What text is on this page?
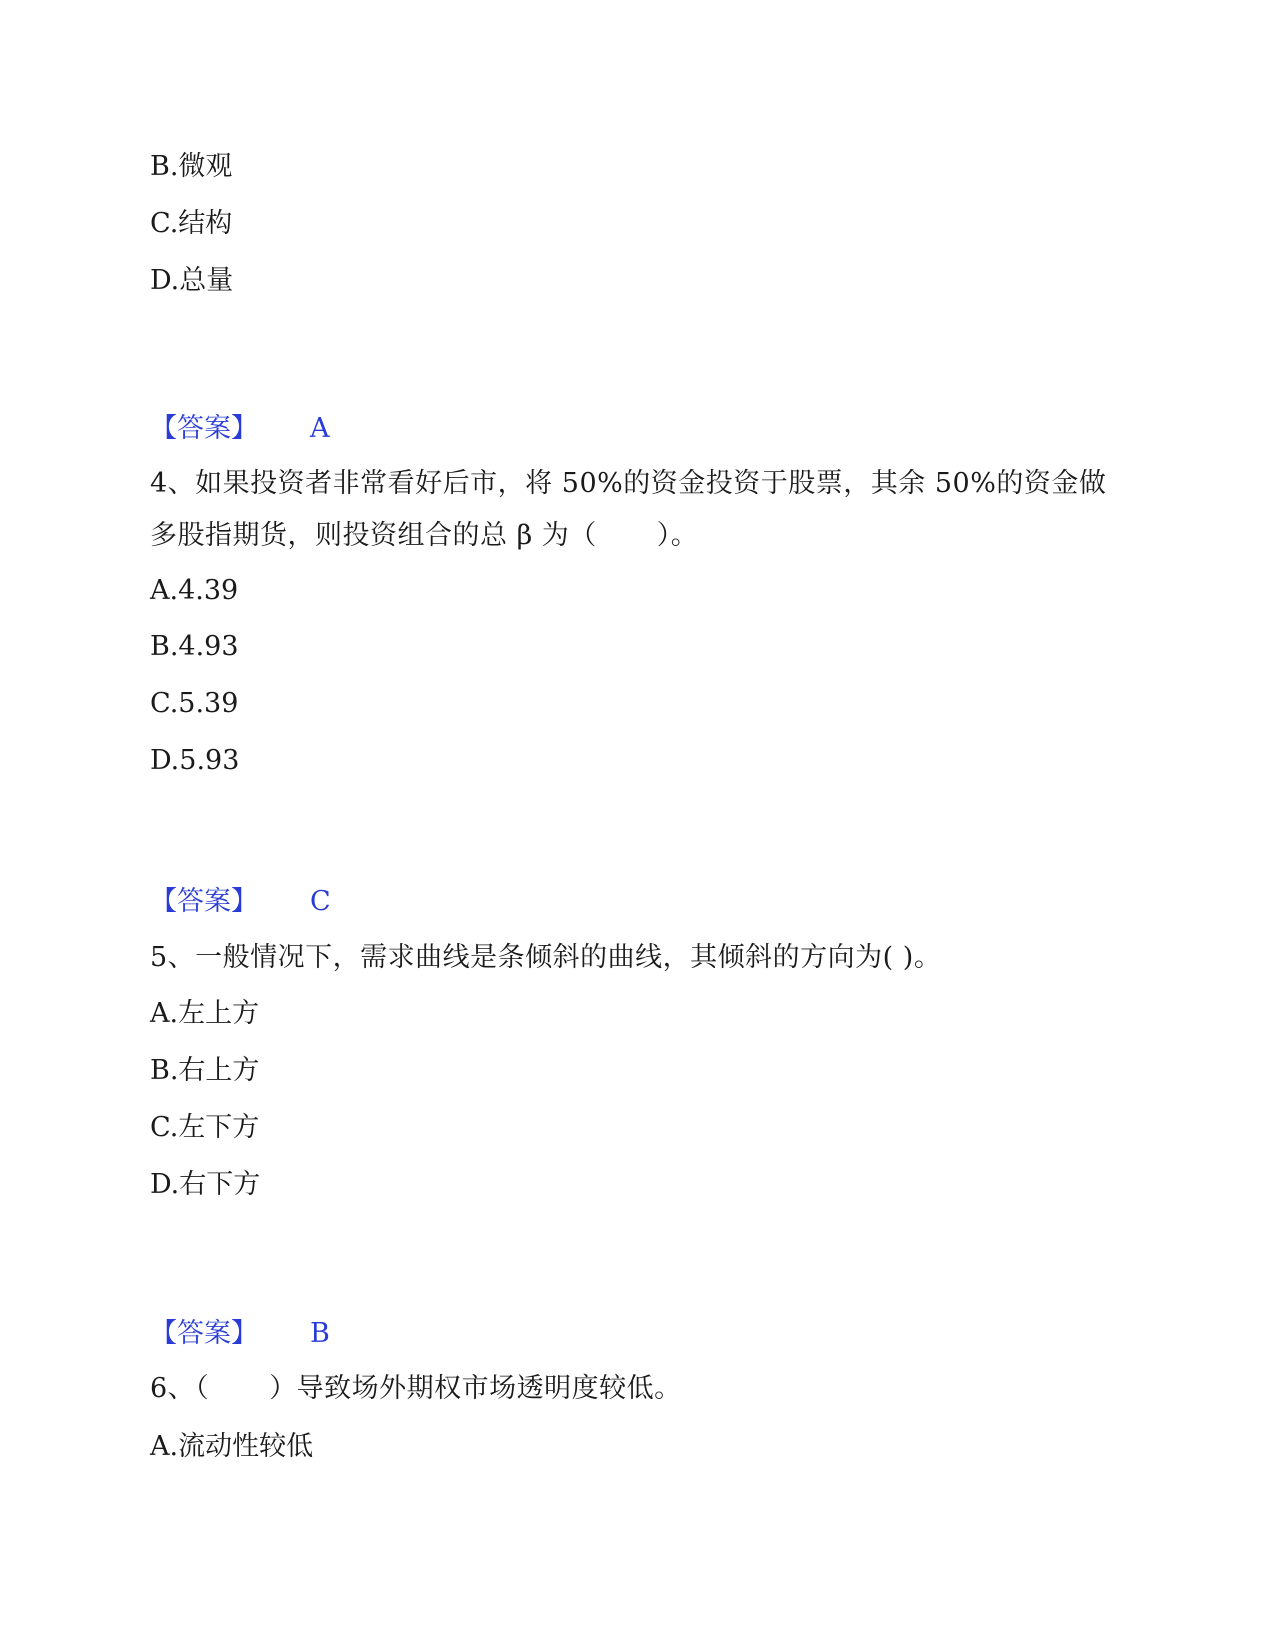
B.微观
C.结构
D.总量
【答案】 A
4、如果投资者非常看好后市，将 50%的资金投资于股票，其余 50%的资金做
多股指期货，则投资组合的总 β 为（ ）。
A.4.39
B.4.93
C.5.39
D.5.93
【答案】 C
5、一般情况下，需求曲线是条倾斜的曲线，其倾斜的方向为( )。
A.左上方
B.右上方
C.左下方
D.右下方
【答案】 B
6、（ ）导致场外期权市场透明度较低。
A.流动性较低
